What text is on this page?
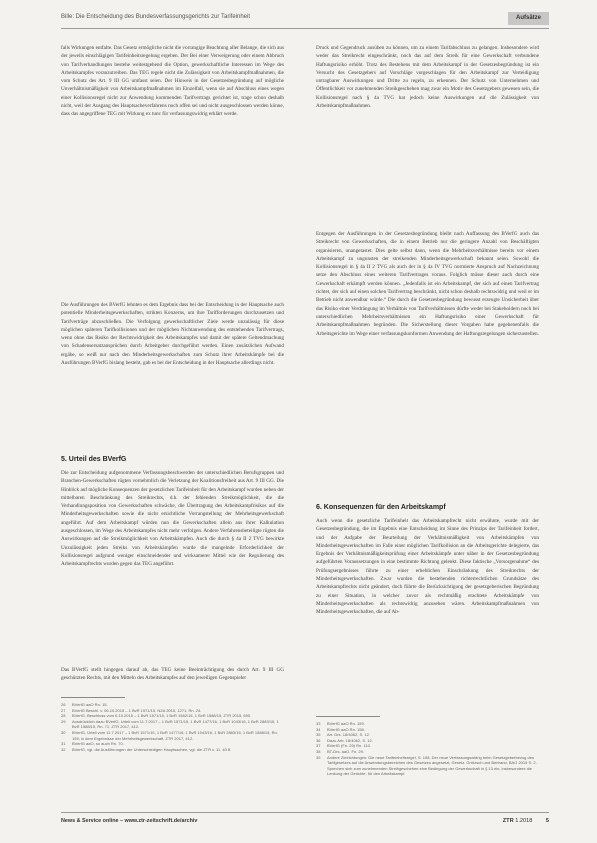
Bille: Die Entscheidung des Bundesverfassungsgerichts zur Tarifeinheit	Aufsätze

falls Wirkungen entfalte. Das Gesetz ermögliche nicht die vorrangige Beachtung aller Belange, die sich aus der jeweils einschlägigen Tarifeinheitsregelung ergeben. Der Bei einer Verweigerung oder einem Abbruch von Tarifverhandlungen bestehe weitestgehend die Option, gewerkschaftliche Interessen im Wege des Arbeitskampfes voranzutreiben. Das TEG regele nicht die Zulässigkeit von Arbeitskampfmaßnahmen, die vom Schutz des Art. 9 III GG umfasst seien. Der Hinweis in der Gesetzesbegründung auf mögliche Unverhältnismäßigkeit von Arbeitskampfmaßnahmen im Einzelfall, wenn sie auf Abschluss eines wegen einer Kollisionsregel nicht zur Anwendung kommenden Tarifvertrags gerichtet ist, trage schon deshalb nicht, weil der Ausgang des Hauptsacheverfahrens noch offen sei und nicht ausgeschlossen werden könne, dass das angegriffene TEG mit Wirkung ex tunc für verfassungswidrig erklärt werde.

Die Ausführungen des BVerfG lehnten es dem Ergebnis dass bei der Entscheidung in der Hauptsache auch potentielle Minderheitsgewerkschaften, strikten Konzerns, um ihre Tarifforderungen durchzusetzen und Tarifverträge abzuschließen. Die Verfolgung gewerkschaftlicher Ziele werde unzulässig für diese möglichen späteren Tarifkollisionen und der möglichen Nichtanwendung des entstehenden Tarifvertrags, wenn ohne das Risiko der Rechtswidrigkeit des Arbeitskampfes und damit der spätere Geltendmachung von Schadensersatzansprüchen durch Arbeitgeber durchgeführt werden. Einen zusätzlichen Aufwand ergäbe, so weiß nur nach den Minderheitsgewerkschaften zum Schutz ihrer Arbeitskämpfe bei die Ausführungen BVerfG bislang besteht, gab es bei der Entscheidung in der Hauptsache allerdings nicht.

5. Urteil des BVerfG

Die zur Entscheidung aufgenommene Verfassungsbeschwerden der unterschiedlichen Berufsgruppen und Branchen-Gewerkschaften rügten vornehmlich die Verletzung der Koalitionsfreiheit aus Art. 9 III GG. Die Hinblick auf mögliche Konsequenzen der gesetzlichen Tarifeinheit für den Arbeitskampf wurden neben der mittelbaren Beschränkung des Streikrechts, d.h. der fehlenden Streikmöglichkeit, die die Verhandlungsposition von Gewerkschaften schwäche, die Übertragung des Arbeitskampfrisikos auf die Minderheitsgewerkschaften sowie die nicht ersichtliche Vorrangstellung der Mehrheitsgewerkschaft angeführt. Auf dem Arbeitskampf würden nun die Gewerkschaften allein aus ihrer Kalkulation ausgeschlossen, im Wege des Arbeitskampfes nicht mehr verfolgen. Andere Verfahrensbeteiligte rügten die Auswirkungen auf die Streikmöglichkeit von Arbeitskämpfen. Auch die durch § 4a II 2 TVG bewirkte Unzulässigkeit jeden Streiks von Arbeitskämpfen wurde die mangelnde Erforderlichkeit der Kollisionsregel aufgrund weniger einschneidender und wirksamerer Mittel wie der Regulierung des Arbeitskampfrechts wurden gegen das TEG angeführt.

Das BVerfG stellt hingegen darauf ab, das TEG keine Beeinträchtigung des durch Art. 9 III GG geschützten Rechts, mit den Mitteln des Arbeitskampfes auf den jeweiligen Gegenspieler

26	BVerfG aaO Rn. 15.
27	BVerfG Beschl. v. 06.10.2015 – 1 BvR 1571/15, NZA 2015, 1271, Rn. 24.
28	BVerfG, Beschluss vom 6.10.2015 – 1 BvR 1571/15, 1 BvR 1582/15, 1 BvR 1588/15, ZTR 2015, 690.
29	Ausdrücklich dazu BVerfG, Urteil vom 11.7.2017 – 1 BvR 1571/15, 1 BvR 1477/16, 1 BvR 1043/16, 1 BvR 2883/15, 1 BvR 1588/15, Rn. 71, ZTR 2017, 412.
30	BVerfG, Urteil vom 11.7.2017 – 1 BvR 1571/15, 1 BvR 1477/16, 1 BvR 1043/16, 1 BvR 2883/15, 1 BvR 1588/15, Rn. 159; in dem Ergebnisse der Mehrheitsgewerkschaft, ZTR 2017, 412.
31	BVerfG aaO, so auch Rn. 70.
32	BVerfG, vgl. die Ausführungen der Unterschiedigen Hauptsachen, vgl. die ZTR v. 11. 40 ff.

Druck und Gegendruck ausüben zu können, um zu einem Tarifabschluss zu gelangen. Insbesondere wird weder das Streikrecht eingeschränkt, noch das auf dem Streik für eine Gewerkschaft verbundene Haftungsrisiko erhöht. Trotz des Bestehens mit dem Arbeitskampf in der Gesetzesbegründung ist ein Versucht des Gesetzgebers auf Vorschläge vorgeschlagen für den Arbeitskampf zur Verteidigung untragbarer Auswirkungen und Dritte zu regeln, zu erkennen. Der Schutz von Unternehmen und Öffentlichkeit vor zunehmenden Streikgeschehen mag zwar ein Motiv des Gesetzgebers gewesen sein, die Kollisionsregel nach § 4a TVG hat jedoch keine Auswirkungen auf die Zulässigkeit von Arbeitskampfmaßnahmen.

Entgegen der Ausführungen in der Gesetzesbegründung bleibt nach Auffassung des BVerfG auch das Streikrecht von Gewerkschaften, die in einem Betrieb nur die geringere Anzahl von Beschäftigten organisieren, unangetastet. Dies gelte selbst dann, wenn die Mehrheitsverhältnisse bereits vor einem Arbeitskampf zu ungunsten der streikenden Minderheitsgewerkschaft bekannt seien. Sowohl die Kollisionsregel in § 4a II 2 TVG als auch der in § 4a IV TVG normierte Anspruch auf Nachzeichnung setze den Abschluss eines weiteren Tarifvertrages voraus. Folglich müsse dieser auch durch eine Gewerkschaft erkämpft werden können. „Jedenfalls ist ein Arbeitskampf, der sich auf einen Tarifvertrag richtet, der sich auf einen solchen Tarifvertrag beschränkt, nicht schon deshalb rechtswidrig und weil er im Betrieb nicht anwendbar würde.“ Die durch die Gesetzesbegründung bewusst erzeugte Unsicherheit über das Risiko einer Verdrängung im Verhältnis von Tarifverhältnissen dürfte weder bei Stakeholdern noch bei unterschiedlichen Mehrheitsverhältnissen ein Haftungsrisiko einer Gewerkschaft für Arbeitskampfmaßnahmen begründen. Die Sicherstellung dieser Vorgaben habe gegebenenfalls die Arbeitsgerichte im Wege einer verfassungskonformen Anwendung der Haftungsregelungen sicherzustellen.

6. Konsequenzen für den Arbeitskampf

Auch wenn die gesetzliche Tarifeinheit das Arbeitskampfrecht nicht erwähnte, wurde mit der Gesetzesbegründung, die im Ergebnis eine Entscheidung im Sinne des Prinzips der Tarifeinheit fordert, und der Aufgabe der Beurteilung der Verhältnismäßigkeit von Arbeitskämpfen von Minderheitsgewerkschaften im Falle einer möglichen Tarifkollision an die Arbeitsgerichte delegierte, das Ergebnis der Verhältnismäßigkeitsprüfung einer Arbeitskämpfe unter näher in der Gesetzesbegründung aufgeführten Voraussetzungen in eine bestimmte Richtung gelenkt. Diese faktische „Vorsorgenahme“ des Prüfungsergebnisses führte zu einer erheblichen Einschränkung des Streikrechts der Minderheitsgewerkschaften. Zwar wurden die bestehenden richterrechtlichen Grundsätze des Arbeitskampfrechts nicht geändert, doch führte die Berücksichtigung der gesetzgeberischen Begründung zu einer Situation, in welcher zuvor als rechtmäßig erachtete Arbeitskämpfe von Minderheitsgewerkschaften als rechtswidrig anzusehen wären. Arbeitskampfmaßnahmen von Minderheitsgewerkschaften, die auf Ab-

33	BVerfG aaO Rn. 159.
34	BVerfG aaO Rn. 158.
35	Art. Drs. 18/4062, S. 12.
36	Dazu Arb. 18/4062, S. 12.
37	BVerfG (Fn. 29) Rn. 110.
38	BT-Drs. aaO. Fn. 29.
39	Andere Zielrichtungen: Die neue Tarifeinheitsregel, S. 158. Der neue Verfassungswidrig beim Gesetzgeberbezug des Tarifgesetzes auf die Anwendungsbereichen des Gesetzes angesetzt, Gesetz. Grötzsch und Bertrand, BAG 2015 S. 2. Sprechen sich zum zunehmenden Streikgeschehen eine Bedingung der Gewerkschaft in § 13 ein, insbesondere die Lenkung der Gerichte, für den Arbeitskampf.
News & Service online – www.ztr-zeitschrift.de/archiv	ZTR 1.2018 5
